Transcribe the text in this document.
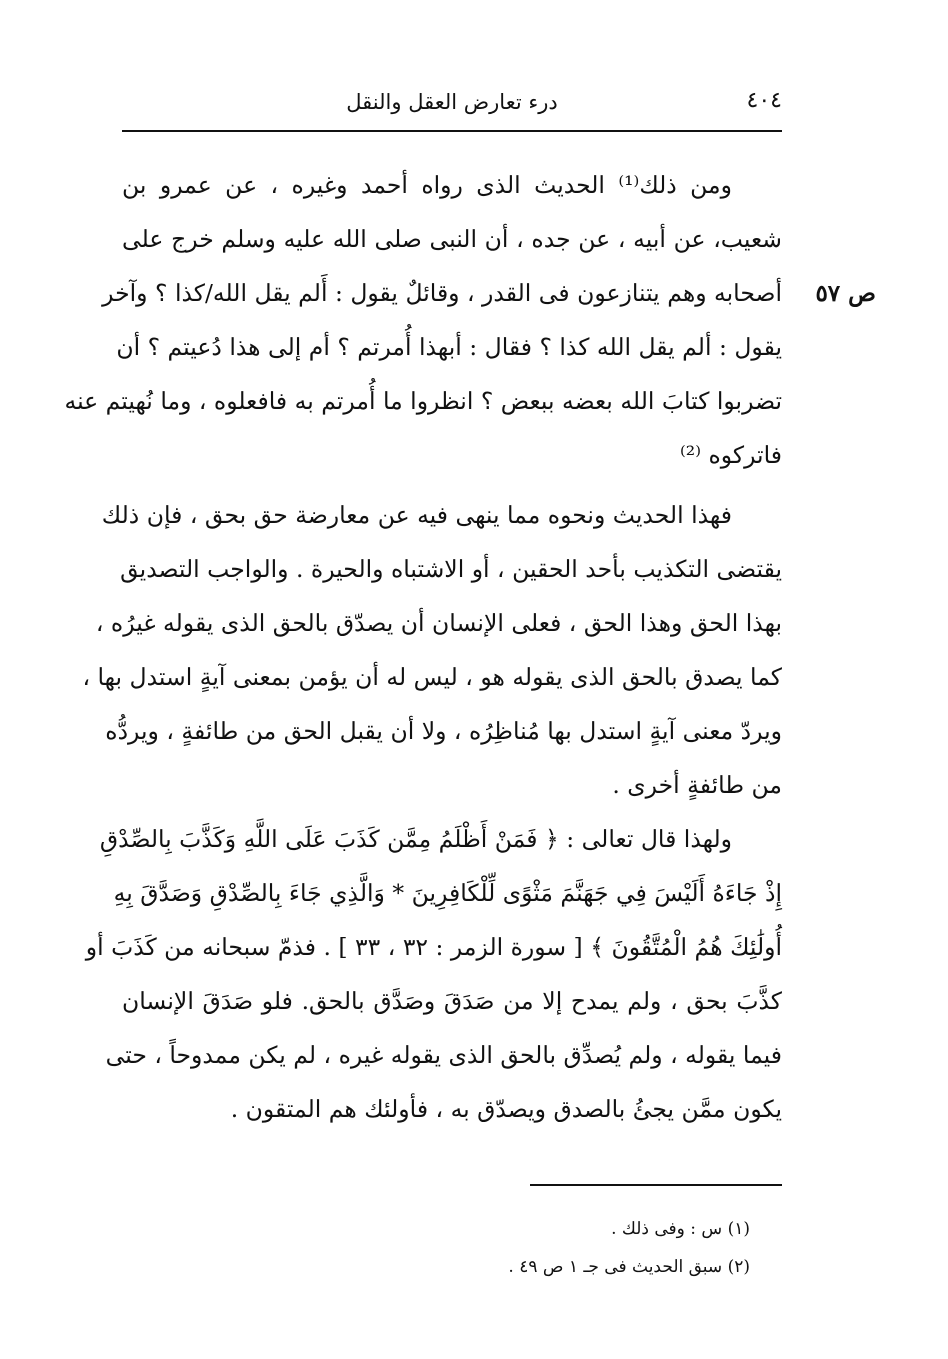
٤٠٤
درء تعارض العقل والنقل
ص ٥٧
ومن ذلك⁽¹⁾ الحديث الذى رواه أحمد وغيره ، عن عمرو بن
شعيب، عن أبيه ، عن جده ، أن النبى صلى الله عليه وسلم خرج على
أصحابه وهم يتنازعون فى القدر ، وقائلٌ يقول : أَلم يقل الله/كذا ؟ وآخر
يقول : ألم يقل الله كذا ؟ فقال : أبهذا أُمرتم ؟ أم إلى هذا دُعيتم ؟ أن
تضربوا كتابَ الله بعضه ببعض ؟ انظروا ما أُمرتم به فافعلوه ، وما نُهيتم عنه
فاتركوه ⁽²⁾
فهذا الحديث ونحوه مما ينهى فيه عن معارضة حق بحق ، فإن ذلك
يقتضى التكذيب بأحد الحقين ، أو الاشتباه والحيرة . والواجب التصديق
بهذا الحق وهذا الحق ، فعلى الإنسان أن يصدّق بالحق الذى يقوله غيرُه ،
كما يصدق بالحق الذى يقوله هو ، ليس له أن يؤمن بمعنى آيةٍ استدل بها ،
ويردّ معنى آيةٍ استدل بها مُناظِرُه ، ولا أن يقبل الحق من طائفةٍ ، ويردُّه
من طائفةٍ أخرى .
ولهذا قال تعالى : ﴿ فَمَنْ أَظْلَمُ مِمَّن كَذَبَ عَلَى اللَّهِ وَكَذَّبَ بِالصِّدْقِ
إِذْ جَاءَهُ أَلَيْسَ فِي جَهَنَّمَ مَثْوًى لِّلْكَافِرِينَ * وَالَّذِي جَاءَ بِالصِّدْقِ وَصَدَّقَ بِهِ
أُولَٰئِكَ هُمُ الْمُتَّقُونَ ﴾ [ سورة الزمر : ٣٢ ، ٣٣ ] . فذمّ سبحانه من كَذَبَ أو
كذَّبَ بحق ، ولم يمدح إلا من صَدَقَ وصَدَّق بالحق. فلو صَدَقَ الإنسان
فيما يقوله ، ولم يُصدِّق بالحق الذى يقوله غيره ، لم يكن ممدوحاً ، حتى
يكون ممَّن يجئُ بالصدق ويصدّق به ، فأولئك هم المتقون .
(١) س : وفى ذلك .
(٢) سبق الحديث فى جـ ١ ص ٤٩ .
